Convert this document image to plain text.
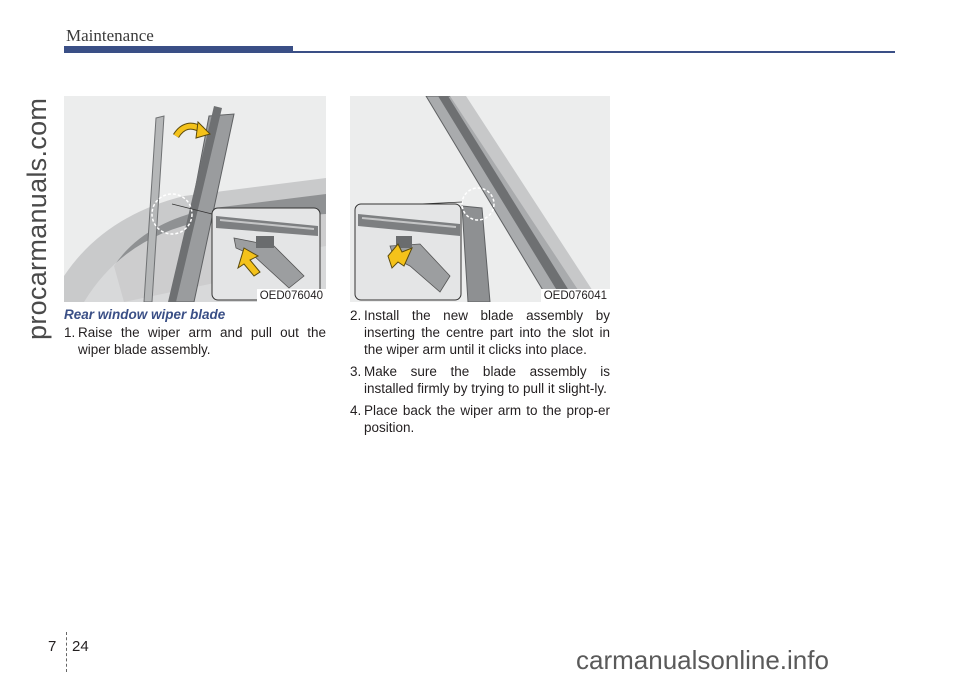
Maintenance
procarmanuals.com	OED076040	OED076041
Rear window wiper blade
1. Raise the wiper arm and pull out the wiper blade assembly.
2. Install the new blade assembly by inserting the centre part into the slot in the wiper arm until it clicks into place.
3. Make sure the blade assembly is installed firmly by trying to pull it slight-ly.
4. Place back the wiper arm to the prop-er position.
7 24	carmanualsonline.info
